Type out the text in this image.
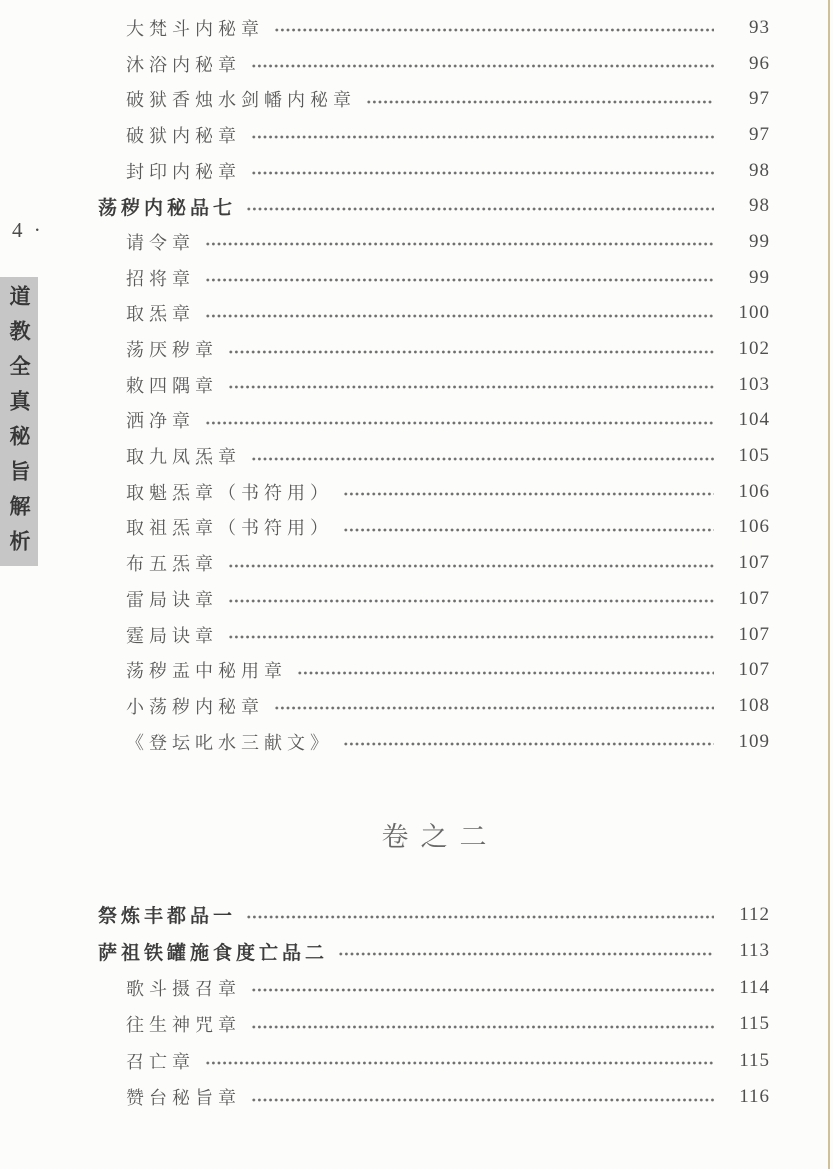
4 ·
道教全真秘旨解析
大梵斗内秘章	93
沐浴内秘章	96
破狱香烛水剑幡内秘章	97
破狱内秘章	97
封印内秘章	98
荡秽内秘品七	98
请令章	99
招将章	99
取炁章	100
荡厌秽章	102
敕四隅章	103
洒净章	104
取九凤炁章	105
取魁炁章（书符用）	106
取祖炁章（书符用）	106
布五炁章	107
雷局诀章	107
霆局诀章	107
荡秽盂中秘用章	107
小荡秽内秘章	108
《登坛叱水三献文》	109
卷之二
祭炼丰都品一	112
萨祖铁罐施食度亡品二	113
歌斗摄召章	114
往生神咒章	115
召亡章	115
赞台秘旨章	116
